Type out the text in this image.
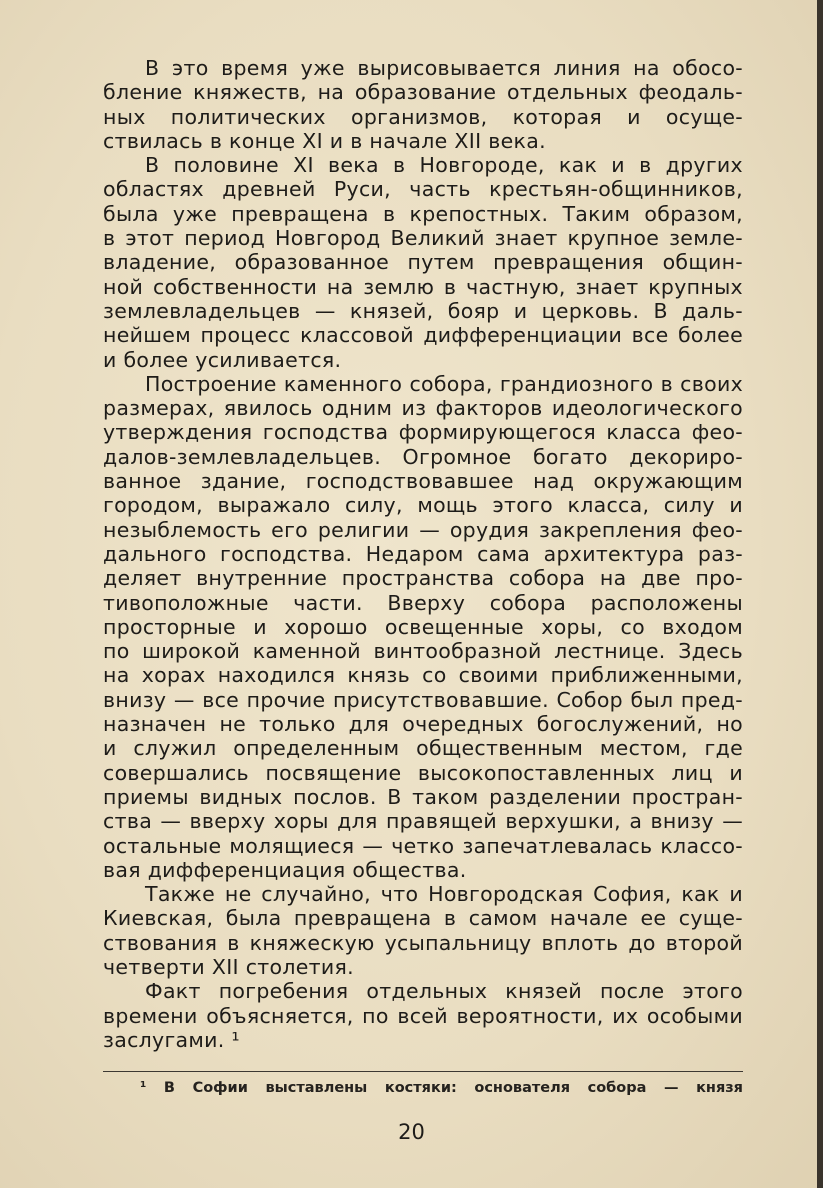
В это время уже вырисовывается линия на обосо-
бление княжеств, на образование отдельных феодаль-
ных политических организмов, которая и осуще-
ствилась в конце XI и в начале XII века.
В половине XI века в Новгороде, как и в других
областях древней Руси, часть крестьян-общинников,
была уже превращена в крепостных. Таким образом,
в этот период Новгород Великий знает крупное земле-
владение, образованное путем превращения общин-
ной собственности на землю в частную, знает крупных
землевладельцев — князей, бояр и церковь. В даль-
нейшем процесс классовой дифференциации все более
и более усиливается.
Построение каменного собора, грандиозного в своих
размерах, явилось одним из факторов идеологического
утверждения господства формирующегося класса фео-
далов-землевладельцев. Огромное богато декориро-
ванное здание, господствовавшее над окружающим
городом, выражало силу, мощь этого класса, силу и
незыблемость его религии — орудия закрепления фео-
дального господства. Недаром сама архитектура раз-
деляет внутренние пространства собора на две про-
тивоположные части. Вверху собора расположены
просторные и хорошо освещенные хоры, со входом
по широкой каменной винтообразной лестнице. Здесь
на хорах находился князь со своими приближенными,
внизу — все прочие присутствовавшие. Собор был пред-
назначен не только для очередных богослужений, но
и служил определенным общественным местом, где
совершались посвящение высокопоставленных лиц и
приемы видных послов. В таком разделении простран-
ства — вверху хоры для правящей верхушки, а внизу —
остальные молящиеся — четко запечатлевалась классо-
вая дифференциация общества.
Также не случайно, что Новгородская София, как и
Киевская, была превращена в самом начале ее суще-
ствования в княжескую усыпальницу вплоть до второй
четверти XII столетия.
Факт погребения отдельных князей после этого
времени объясняется, по всей вероятности, их особыми
заслугами. ¹
¹ В Софии выставлены костяки: основателя собора — князя
20
